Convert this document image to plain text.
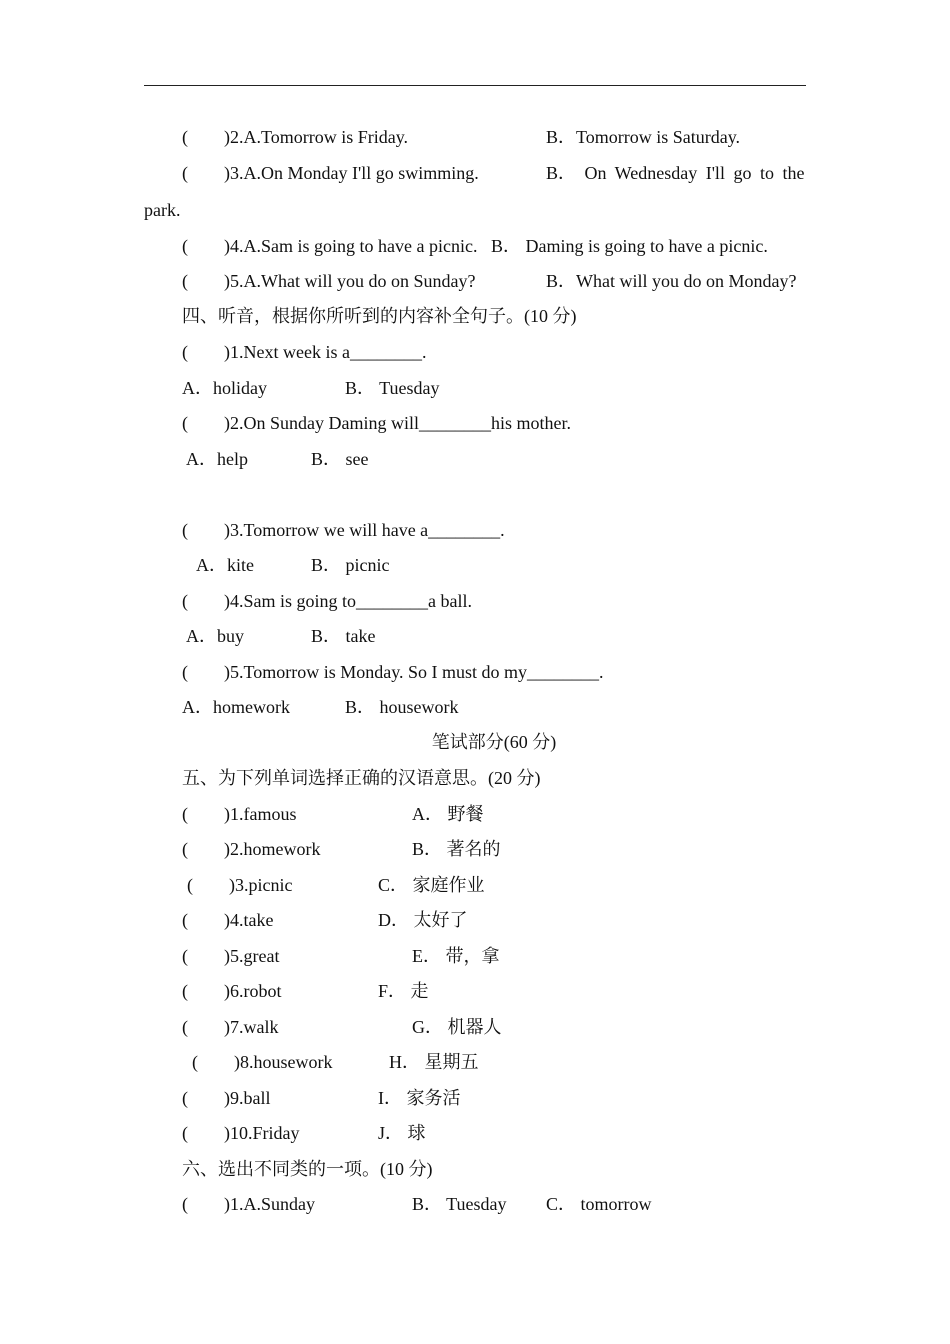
(        )2.A.Tomorrow is Friday.	B．Tomorrow is Saturday.
(        )3.A.On Monday I'll go swimming.	B． On Wednesday I'll go to the
park.
(        )4.A.Sam is going to have a picnic.   B． Daming is going to have a picnic.
(        )5.A.What will you do on Sunday?	B．What will you do on Monday?
四、听音，根据你所听到的内容补全句子。(10 分)
(        )1.Next week is a________.
A．holiday	B． Tuesday
(        )2.On Sunday Daming will________his mother.
A．help	B． see
(        )3.Tomorrow we will have a________.
A．kite	B． picnic
(        )4.Sam is going to________a ball.
A．buy	B． take
(        )5.Tomorrow is Monday. So I must do my________.
A．homework	B． housework
笔试部分(60 分)
五、为下列单词选择正确的汉语意思。(20 分)
(        )1.famous	A． 野餐
(        )2.homework	B． 著名的
(        )3.picnic	C． 家庭作业
(        )4.take	D． 太好了
(        )5.great	E． 带，拿
(        )6.robot	F． 走
(        )7.walk	G． 机器人
(        )8.housework	H． 星期五
(        )9.ball	I． 家务活
(        )10.Friday	J． 球
六、选出不同类的一项。(10 分)
(        )1.A.Sunday	B． Tuesday C． tomorrow
